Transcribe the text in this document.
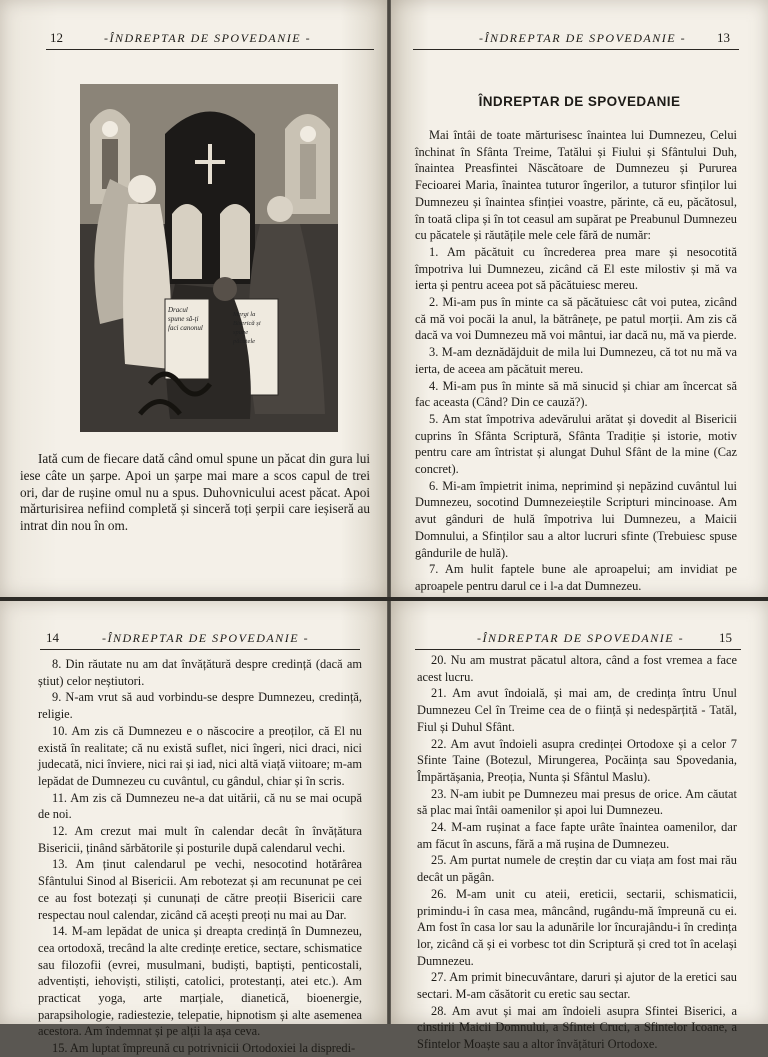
12	-ÎNDREPTAR DE SPOVEDANIE -
Dracul spune să-ți faci canonul
Mergi la Biserică și spune păcatele

Iată cum de fiecare dată când omul spune un păcat din gura lui iese câte un șarpe. Apoi un șarpe mai mare a scos capul de trei ori, dar de rușine omul nu a spus. Duhovnicului acest păcat. Apoi mărturisirea nefiind completă și sinceră toți șerpii care ieșiseră au intrat din nou în om.

-ÎNDREPTAR DE SPOVEDANIE - 13
ÎNDREPTAR DE SPOVEDANIE

Mai întâi de toate mărturisesc înaintea lui Dumnezeu, Celui închinat în Sfânta Treime, Tatălui și Fiului și Sfântului Duh, înaintea Preasfintei Născătoare de Dumnezeu și Pururea Fecioarei Maria, înaintea tuturor îngerilor, a tuturor sfinților lui Dumnezeu și înaintea sfinției voastre, părinte, că eu, păcătosul, în toată clipa și în tot ceasul am supărat pe Preabunul Dumnezeu cu păcatele și răutățile mele cele fără de număr:

1. Am păcătuit cu încrederea prea mare și nesocotită împotriva lui Dumnezeu, zicând că El este milostiv și mă va ierta și pentru aceea pot să păcătuiesc mereu.

2. Mi-am pus în minte ca să păcătuiesc cât voi putea, zicând că mă voi pocăi la anul, la bătrânețe, pe patul morții. Am zis că dacă va voi Dumnezeu mă voi mântui, iar dacă nu, mă va pierde.

3. M-am deznădăjduit de mila lui Dumnezeu, că tot nu mă va ierta, de aceea am păcătuit mereu.

4. Mi-am pus în minte să mă sinucid și chiar am încercat să fac aceasta (Când? Din ce cauză?).

5. Am stat împotriva adevărului arătat și dovedit al Bisericii cuprins în Sfânta Scriptură, Sfânta Tradiție și istorie, motiv pentru care am întristat și alungat Duhul Sfânt de la mine (Caz concret).

6. Mi-am împietrit inima, neprimind și nepăzind cuvântul lui Dumnezeu, socotind Dumnezeieștile Scripturi mincinoase. Am avut gânduri de hulă împotriva lui Dumnezeu, a Maicii Domnului, a Sfinților sau a altor lucruri sfinte (Trebuiesc spuse gândurile de hulă).

7. Am hulit faptele bune ale aproapelui; am invidiat pe aproapele pentru darul ce i l-a dat Dumnezeu.

14	-ÎNDREPTAR DE SPOVEDANIE -

8. Din răutate nu am dat învățătură despre credință (dacă am știut) celor neștiutori.

9. N-am vrut să aud vorbindu-se despre Dumnezeu, credință, religie.

10. Am zis că Dumnezeu e o născocire a preoților, că El nu există în realitate; că nu există suflet, nici îngeri, nici draci, nici judecată, nici înviere, nici rai și iad, nici altă viață viitoare; m-am lepădat de Dumnezeu cu cuvântul, cu gândul, chiar și în scris.

11. Am zis că Dumnezeu ne-a dat uitării, că nu se mai ocupă de noi.

12. Am crezut mai mult în calendar decât în învățătura Bisericii, ținând sărbătorile și posturile după calendarul vechi.

13. Am ținut calendarul pe vechi, nesocotind hotărârea Sfântului Sinod al Bisericii. Am rebotezat și am recununat pe cei ce au fost botezați și cununați de către preoții Bisericii care respectau noul calendar, zicând că acești preoți nu mai au Dar.

14. M-am lepădat de unica și dreapta credință în Dumnezeu, cea ortodoxă, trecând la alte credințe eretice, sectare, schismatice sau filozofii (evrei, musulmani, budiști, baptiști, penticostali, adventiști, iehoviști, stiliști, catolici, protestanți, atei etc.). Am practicat yoga, arte marțiale, dianetică, bioenergie, parapsihologie, radiestezie, telepatie, hipnotism și alte asemenea acestora. Am îndemnat și pe alții la așa ceva.

15. Am luptat împreună cu potrivnicii Ortodoxiei la dispredi-

-ÎNDREPTAR DE SPOVEDANIE -	15

20. Nu am mustrat păcatul altora, când a fost vremea a face acest lucru.

21. Am avut îndoială, și mai am, de credința întru Unul Dumnezeu Cel în Treime cea de o ființă și nedespărțită - Tatăl, Fiul și Duhul Sfânt.

22. Am avut îndoieli asupra credinței Ortodoxe și a celor 7 Sfinte Taine (Botezul, Mirungerea, Pocăința sau Spovedania, Împărtășania, Preoția, Nunta și Sfântul Maslu).

23. N-am iubit pe Dumnezeu mai presus de orice. Am căutat să plac mai întâi oamenilor și apoi lui Dumnezeu.

24. M-am rușinat a face fapte urâte înaintea oamenilor, dar am făcut în ascuns, fără a mă rușina de Dumnezeu.

25. Am purtat numele de creștin dar cu viața am fost mai rău decât un păgân.

26. M-am unit cu ateii, ereticii, sectarii, schismaticii, primindu-i în casa mea, mâncând, rugându-mă împreună cu ei. Am fost în casa lor sau la adunările lor încurajându-i în credința lor, zicând că și ei vorbesc tot din Scriptură și cred tot în același Dumnezeu.

27. Am primit binecuvântare, daruri și ajutor de la eretici sau sectari. M-am căsătorit cu eretic sau sectar.

28. Am avut și mai am îndoieli asupra Sfintei Biserici, a cinstirii Maicii Domnului, a Sfintei Cruci, a Sfintelor Icoane, a Sfintelor Moaște sau a altor învățături Ortodoxe.
